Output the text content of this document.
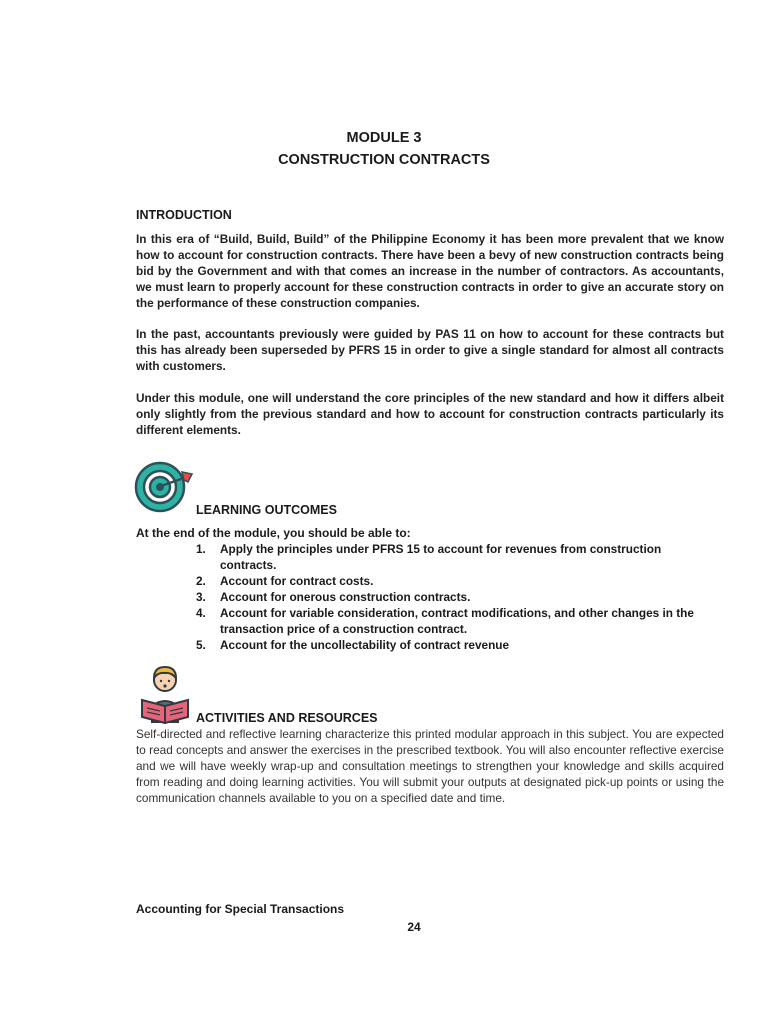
MODULE 3

CONSTRUCTION CONTRACTS

INTRODUCTION

In this era of “Build, Build, Build” of the Philippine Economy it has been more prevalent that we know how to account for construction contracts. There have been a bevy of new construction contracts being bid by the Government and with that comes an increase in the number of contractors. As accountants, we must learn to properly account for these construction contracts in order to give an accurate story on the performance of these construction companies.

In the past, accountants previously were guided by PAS 11 on how to account for these contracts but this has already been superseded by PFRS 15 in order to give a single standard for almost all contracts with customers.

Under this module, one will understand the core principles of the new standard and how it differs albeit only slightly from the previous standard and how to account for construction contracts particularly its different elements.

LEARNING OUTCOMES

At the end of the module, you should be able to:

1. Apply the principles under PFRS 15 to account for revenues from construction contracts.
2. Account for contract costs.
3. Account for onerous construction contracts.
4. Account for variable consideration, contract modifications, and other changes in the transaction price of a construction contract.
5. Account for the uncollectability of contract revenue

ACTIVITIES AND RESOURCES

Self-directed and reflective learning characterize this printed modular approach in this subject. You are expected to read concepts and answer the exercises in the prescribed textbook. You will also encounter reflective exercise and we will have weekly wrap-up and consultation meetings to strengthen your knowledge and skills acquired from reading and doing learning activities. You will submit your outputs at designated pick-up points or using the communication channels available to you on a specified date and time.

Accounting for Special Transactions

24
